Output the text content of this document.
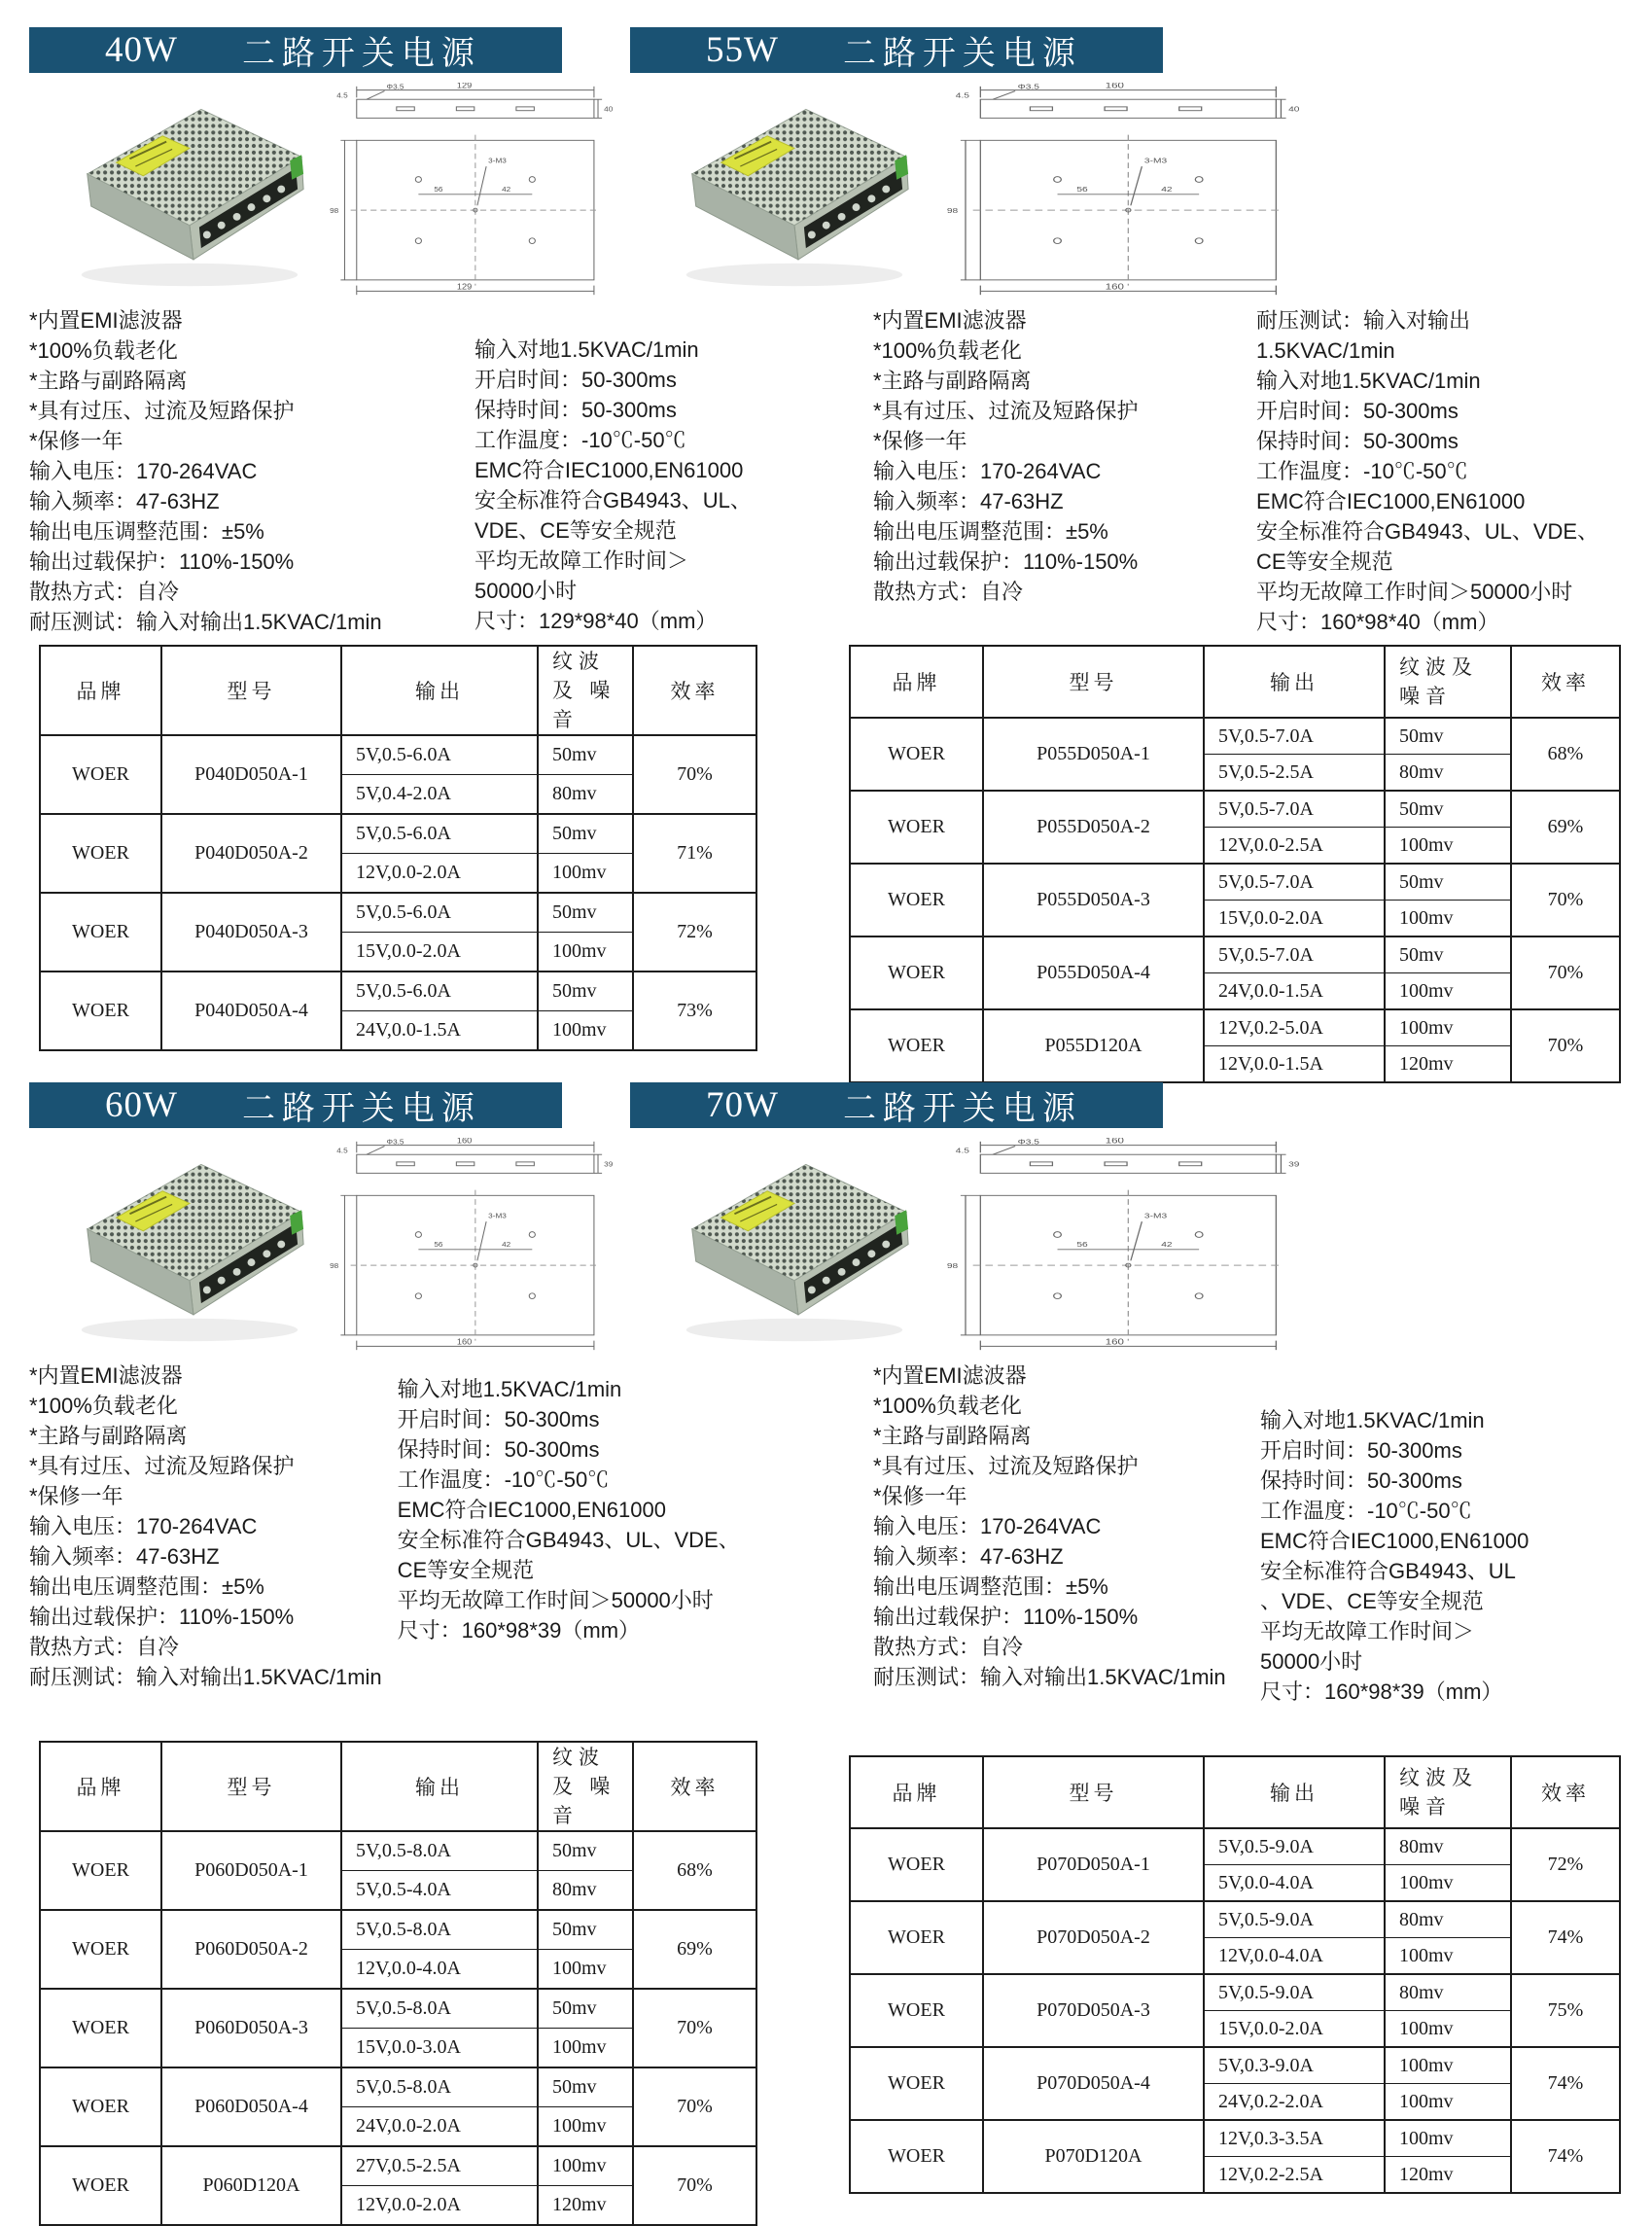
40W 二路开关电源
129
Φ3.5
4.5
40
3-M3
56	42
98
129
*内置EMI滤波器
*100%负载老化
*主路与副路隔离
*具有过压、过流及短路保护
*保修一年
输入电压：170-264VAC
输入频率：47-63HZ
输出电压调整范围：±5%
输出过载保护：110%-150%
散热方式：自冷
耐压测试：输入对输出1.5KVAC/1min
输入对地1.5KVAC/1min
开启时间：50-300ms
保持时间：50-300ms
工作温度：-10℃-50℃
EMC符合IEC1000,EN61000
安全标准符合GB4943、UL、
VDE、CE等安全规范
平均无故障工作时间＞
50000小时
尺寸：129*98*40（mm）
品牌	型号	输出	纹波及 噪音	效率
WOER	P040D050A-1	5V,0.5-6.0A	50mv	70%
		5V,0.4-2.0A	80mv	
WOER	P040D050A-2	5V,0.5-6.0A	50mv	71%
		12V,0.0-2.0A	100mv	
WOER	P040D050A-3	5V,0.5-6.0A	50mv	72%
		15V,0.0-2.0A	100mv	
WOER	P040D050A-4	5V,0.5-6.0A	50mv	73%
		24V,0.0-1.5A	100mv	
55W 二路开关电源
160
Φ3.5
4.5
40
3-M3
56	42
98
160
*内置EMI滤波器
*100%负载老化
*主路与副路隔离
*具有过压、过流及短路保护
*保修一年
输入电压：170-264VAC
输入频率：47-63HZ
输出电压调整范围：±5%
输出过载保护：110%-150%
散热方式：自冷
耐压测试：输入对输出
1.5KVAC/1min
输入对地1.5KVAC/1min
开启时间：50-300ms
保持时间：50-300ms
工作温度：-10℃-50℃
EMC符合IEC1000,EN61000
安全标准符合GB4943、UL、VDE、
CE等安全规范
平均无故障工作时间＞50000小时
尺寸：160*98*40（mm）
品牌	型号	输出	纹波及 噪音	效率
WOER	P055D050A-1	5V,0.5-7.0A	50mv	68%
		5V,0.5-2.5A	80mv	
WOER	P055D050A-2	5V,0.5-7.0A	50mv	69%
		12V,0.0-2.5A	100mv	
WOER	P055D050A-3	5V,0.5-7.0A	50mv	70%
		15V,0.0-2.0A	100mv	
WOER	P055D050A-4	5V,0.5-7.0A	50mv	70%
		24V,0.0-1.5A	100mv	
WOER	P055D120A	12V,0.2-5.0A	100mv	70%
		12V,0.0-1.5A	120mv	
60W 二路开关电源
160
Φ3.5
4.5
39
3-M3
56	42
98
160
*内置EMI滤波器
*100%负载老化
*主路与副路隔离
*具有过压、过流及短路保护
*保修一年
输入电压：170-264VAC
输入频率：47-63HZ
输出电压调整范围：±5%
输出过载保护：110%-150%
散热方式：自冷
耐压测试：输入对输出1.5KVAC/1min
输入对地1.5KVAC/1min
开启时间：50-300ms
保持时间：50-300ms
工作温度：-10℃-50℃
EMC符合IEC1000,EN61000
安全标准符合GB4943、UL、VDE、
CE等安全规范
平均无故障工作时间＞50000小时
尺寸：160*98*39（mm）
品牌	型号	输出	纹波及 噪音	效率
WOER	P060D050A-1	5V,0.5-8.0A	50mv	68%
		5V,0.5-4.0A	80mv	
WOER	P060D050A-2	5V,0.5-8.0A	50mv	69%
		12V,0.0-4.0A	100mv	
WOER	P060D050A-3	5V,0.5-8.0A	50mv	70%
		15V,0.0-3.0A	100mv	
WOER	P060D050A-4	5V,0.5-8.0A	50mv	70%
		24V,0.0-2.0A	100mv	
WOER	P060D120A	27V,0.5-2.5A	100mv	70%
		12V,0.0-2.0A	120mv	
70W 二路开关电源
160
Φ3.5
4.5
39
3-M3
56	42
98
160
*内置EMI滤波器
*100%负载老化
*主路与副路隔离
*具有过压、过流及短路保护
*保修一年
输入电压：170-264VAC
输入频率：47-63HZ
输出电压调整范围：±5%
输出过载保护：110%-150%
散热方式：自冷
耐压测试：输入对输出1.5KVAC/1min
输入对地1.5KVAC/1min
开启时间：50-300ms
保持时间：50-300ms
工作温度：-10℃-50℃
EMC符合IEC1000,EN61000
安全标准符合GB4943、UL
、VDE、CE等安全规范
平均无故障工作时间＞
50000小时
尺寸：160*98*39（mm）
品牌	型号	输出	纹波及 噪音	效率
WOER	P070D050A-1	5V,0.5-9.0A	80mv	72%
		5V,0.0-4.0A	100mv	
WOER	P070D050A-2	5V,0.5-9.0A	80mv	74%
		12V,0.0-4.0A	100mv	
WOER	P070D050A-3	5V,0.5-9.0A	80mv	75%
		15V,0.0-2.0A	100mv	
WOER	P070D050A-4	5V,0.3-9.0A	100mv	74%
		24V,0.2-2.0A	100mv	
WOER	P070D120A	12V,0.3-3.5A	100mv	74%
		12V,0.2-2.5A	120mv	
